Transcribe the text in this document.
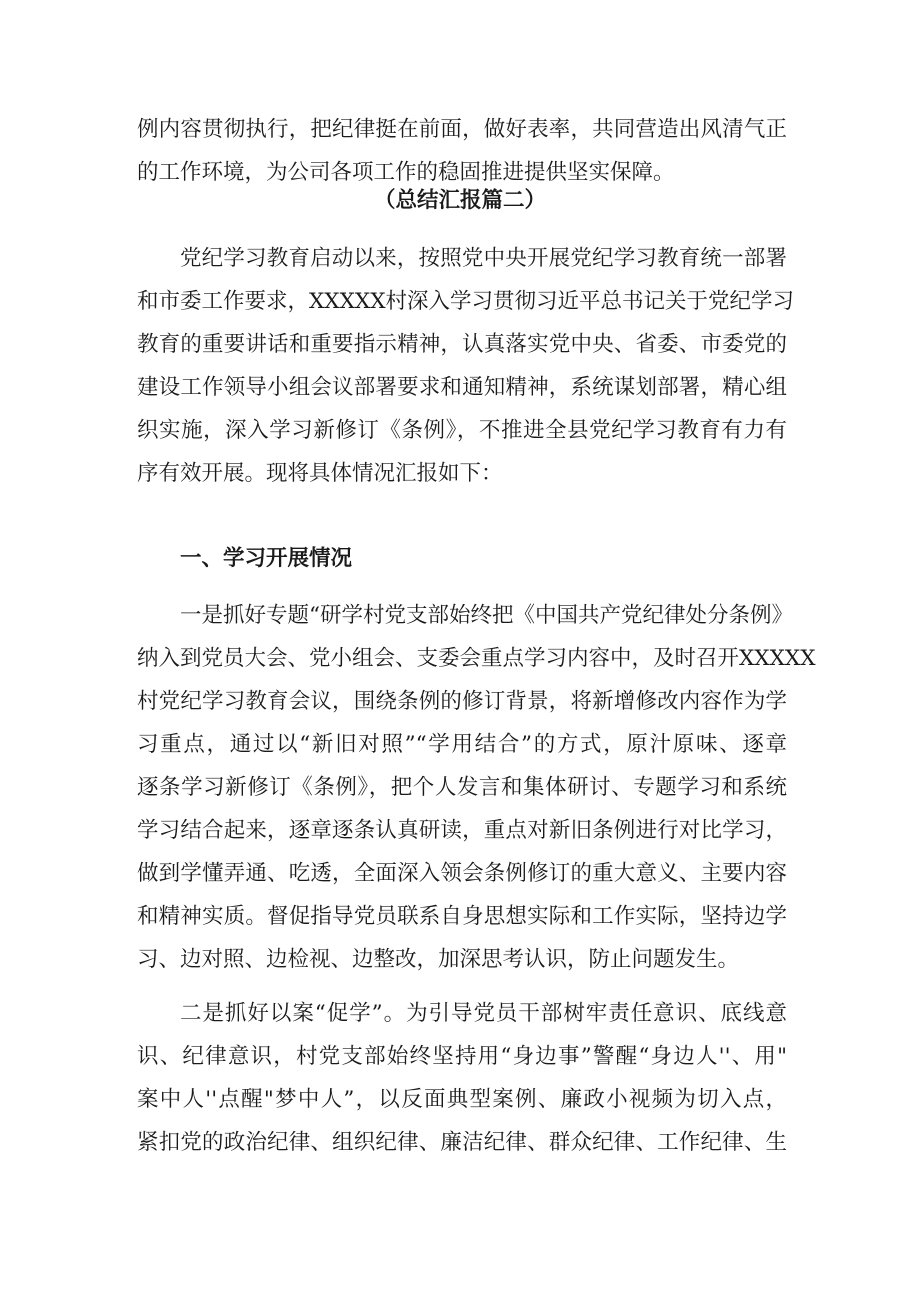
例内容贯彻执行，把纪律挺在前面，做好表率，共同营造出风清气正
的工作环境，为公司各项工作的稳固推进提供坚实保障。
（总结汇报篇二）
党纪学习教育启动以来，按照党中央开展党纪学习教育统一部署
和市委工作要求，XXXXX村深入学习贯彻习近平总书记关于党纪学习
教育的重要讲话和重要指示精神，认真落实党中央、省委、市委党的
建设工作领导小组会议部署要求和通知精神，系统谋划部署，精心组
织实施，深入学习新修订《条例》，不推进全县党纪学习教育有力有
序有效开展。现将具体情况汇报如下：
一、学习开展情况
一是抓好专题“研学村党支部始终把《中国共产党纪律处分条例》
纳入到党员大会、党小组会、支委会重点学习内容中，及时召开XXXXX
村党纪学习教育会议，围绕条例的修订背景，将新增修改内容作为学
习重点，通过以“新旧对照”“学用结合”的方式，原汁原味、逐章
逐条学习新修订《条例》，把个人发言和集体研讨、专题学习和系统
学习结合起来，逐章逐条认真研读，重点对新旧条例进行对比学习，
做到学懂弄通、吃透，全面深入领会条例修订的重大意义、主要内容
和精神实质。督促指导党员联系自身思想实际和工作实际，坚持边学
习、边对照、边检视、边整改，加深思考认识，防止问题发生。
二是抓好以案“促学”。为引导党员干部树牢责任意识、底线意
识、纪律意识，村党支部始终坚持用“身边事”警醒“身边人''、用"
案中人''点醒"梦中人”，以反面典型案例、廉政小视频为切入点，
紧扣党的政治纪律、组织纪律、廉洁纪律、群众纪律、工作纪律、生
